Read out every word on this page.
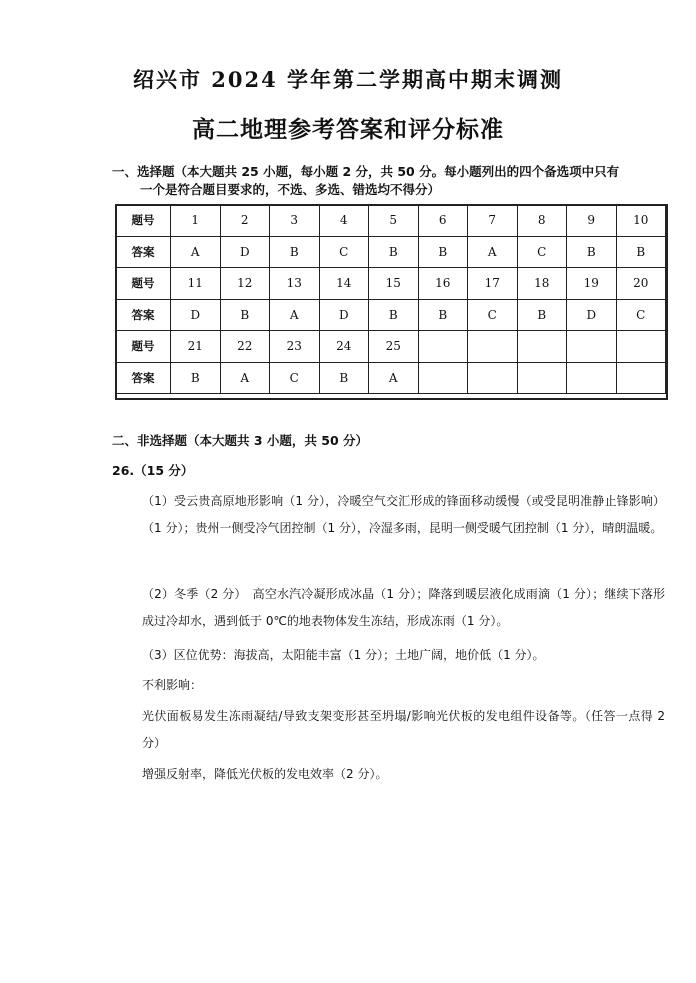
绍兴市 2024 学年第二学期高中期末调测
高二地理参考答案和评分标准
一、选择题（本大题共 25 小题，每小题 2 分，共 50 分。每小题列出的四个备选项中只有
一个是符合题目要求的，不选、多选、错选均不得分）
题号	1	2	3	4	5	6	7	8	9	10
答案	A	D	B	C	B	B	A	C	B	B
题号	11	12	13	14	15	16	17	18	19	20
答案	D	B	A	D	B	B	C	B	D	C
题号	21	22	23	24	25					
答案	B	A	C	B	A					
二、非选择题（本大题共 3 小题，共 50 分）
26.（15 分）
（1）受云贵高原地形影响（1 分），冷暖空气交汇形成的锋面移动缓慢（或受昆明准静止锋影响）（1 分）；贵州一侧受冷气团控制（1 分），冷湿多雨，昆明一侧受暖气团控制（1 分），晴朗温暖。
（2）冬季（2 分）　高空水汽冷凝形成冰晶（1 分）；降落到暖层液化成雨滴（1 分）；继续下落形成过冷却水，遇到低于 0℃的地表物体发生冻结，形成冻雨（1 分）。
（3）区位优势：海拔高，太阳能丰富（1 分）；土地广阔，地价低（1 分）。
不利影响：
光伏面板易发生冻雨凝结/导致支架变形甚至坍塌/影响光伏板的发电组件设备等。（任答一点得 2 分）
增强反射率，降低光伏板的发电效率（2 分）。
